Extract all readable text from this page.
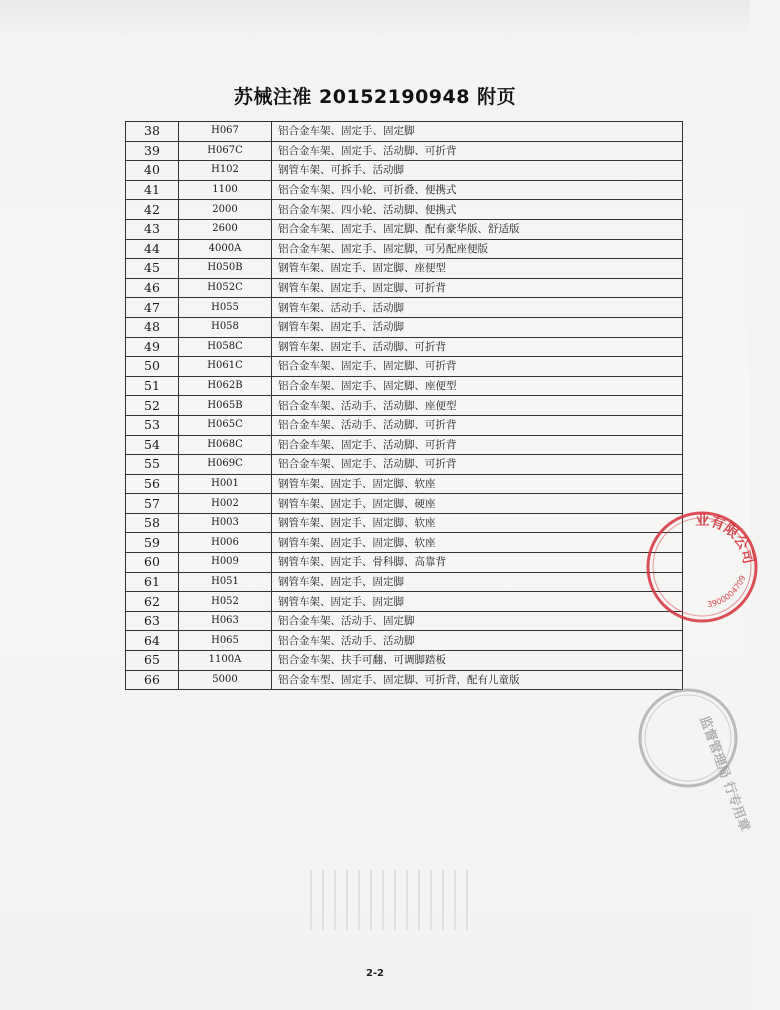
苏械注准 20152190948 附页
38	H067	铝合金车架、固定手、固定脚
39	H067C	铝合金车架、固定手、活动脚、可折背
40	H102	钢管车架、可拆手、活动脚
41	1100	铝合金车架、四小轮、可折叠、便携式
42	2000	铝合金车架、四小轮、活动脚、便携式
43	2600	铝合金车架、固定手、固定脚、配有豪华版、舒适版
44	4000A	铝合金车架、固定手、固定脚，可另配座便版
45	H050B	钢管车架、固定手、固定脚、座便型
46	H052C	钢管车架、固定手、固定脚、可折背
47	H055	钢管车架、活动手、活动脚
48	H058	钢管车架、固定手、活动脚
49	H058C	钢管车架、固定手、活动脚、可折背
50	H061C	铝合金车架、固定手、固定脚、可折背
51	H062B	铝合金车架、固定手、固定脚、座便型
52	H065B	铝合金车架、活动手、活动脚、座便型
53	H065C	铝合金车架、活动手、活动脚、可折背
54	H068C	铝合金车架、固定手、活动脚、可折背
55	H069C	铝合金车架、固定手、活动脚、可折背
56	H001	钢管车架、固定手、固定脚、软座
57	H002	钢管车架、固定手、固定脚、硬座
58	H003	钢管车架、固定手、固定脚、软座
59	H006	钢管车架、固定手、固定脚、软座
60	H009	钢管车架、固定手、骨科脚、高靠背
61	H051	钢管车架、固定手、固定脚
62	H052	钢管车架、固定手、固定脚
63	H063	铝合金车架、活动手、固定脚
64	H065	铝合金车架、活动手、活动脚
65	1100A	铝合金车架、扶手可翻、可调脚踏板
66	5000	铝合金车型、固定手、固定脚、可折背，配有儿童版
业有限公司
3900004709
监督管理局 行专用章
2-2
